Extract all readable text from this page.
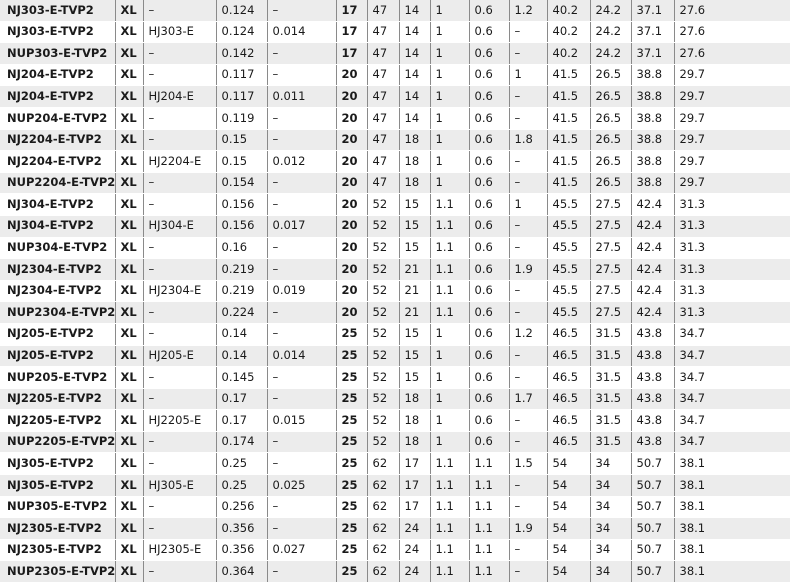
NJ303-E-TVP2	XL	–	0.124	–	17	47	14	1	0.6	1.2	40.2	24.2	37.1	27.6
NJ303-E-TVP2	XL	HJ303-E	0.124	0.014	17	47	14	1	0.6	–	40.2	24.2	37.1	27.6
NUP303-E-TVP2	XL	–	0.142	–	17	47	14	1	0.6	–	40.2	24.2	37.1	27.6
NJ204-E-TVP2	XL	–	0.117	–	20	47	14	1	0.6	1	41.5	26.5	38.8	29.7
NJ204-E-TVP2	XL	HJ204-E	0.117	0.011	20	47	14	1	0.6	–	41.5	26.5	38.8	29.7
NUP204-E-TVP2	XL	–	0.119	–	20	47	14	1	0.6	–	41.5	26.5	38.8	29.7
NJ2204-E-TVP2	XL	–	0.15	–	20	47	18	1	0.6	1.8	41.5	26.5	38.8	29.7
NJ2204-E-TVP2	XL	HJ2204-E	0.15	0.012	20	47	18	1	0.6	–	41.5	26.5	38.8	29.7
NUP2204-E-TVP2	XL	–	0.154	–	20	47	18	1	0.6	–	41.5	26.5	38.8	29.7
NJ304-E-TVP2	XL	–	0.156	–	20	52	15	1.1	0.6	1	45.5	27.5	42.4	31.3
NJ304-E-TVP2	XL	HJ304-E	0.156	0.017	20	52	15	1.1	0.6	–	45.5	27.5	42.4	31.3
NUP304-E-TVP2	XL	–	0.16	–	20	52	15	1.1	0.6	–	45.5	27.5	42.4	31.3
NJ2304-E-TVP2	XL	–	0.219	–	20	52	21	1.1	0.6	1.9	45.5	27.5	42.4	31.3
NJ2304-E-TVP2	XL	HJ2304-E	0.219	0.019	20	52	21	1.1	0.6	–	45.5	27.5	42.4	31.3
NUP2304-E-TVP2	XL	–	0.224	–	20	52	21	1.1	0.6	–	45.5	27.5	42.4	31.3
NJ205-E-TVP2	XL	–	0.14	–	25	52	15	1	0.6	1.2	46.5	31.5	43.8	34.7
NJ205-E-TVP2	XL	HJ205-E	0.14	0.014	25	52	15	1	0.6	–	46.5	31.5	43.8	34.7
NUP205-E-TVP2	XL	–	0.145	–	25	52	15	1	0.6	–	46.5	31.5	43.8	34.7
NJ2205-E-TVP2	XL	–	0.17	–	25	52	18	1	0.6	1.7	46.5	31.5	43.8	34.7
NJ2205-E-TVP2	XL	HJ2205-E	0.17	0.015	25	52	18	1	0.6	–	46.5	31.5	43.8	34.7
NUP2205-E-TVP2	XL	–	0.174	–	25	52	18	1	0.6	–	46.5	31.5	43.8	34.7
NJ305-E-TVP2	XL	–	0.25	–	25	62	17	1.1	1.1	1.5	54	34	50.7	38.1
NJ305-E-TVP2	XL	HJ305-E	0.25	0.025	25	62	17	1.1	1.1	–	54	34	50.7	38.1
NUP305-E-TVP2	XL	–	0.256	–	25	62	17	1.1	1.1	–	54	34	50.7	38.1
NJ2305-E-TVP2	XL	–	0.356	–	25	62	24	1.1	1.1	1.9	54	34	50.7	38.1
NJ2305-E-TVP2	XL	HJ2305-E	0.356	0.027	25	62	24	1.1	1.1	–	54	34	50.7	38.1
NUP2305-E-TVP2	XL	–	0.364	–	25	62	24	1.1	1.1	–	54	34	50.7	38.1
